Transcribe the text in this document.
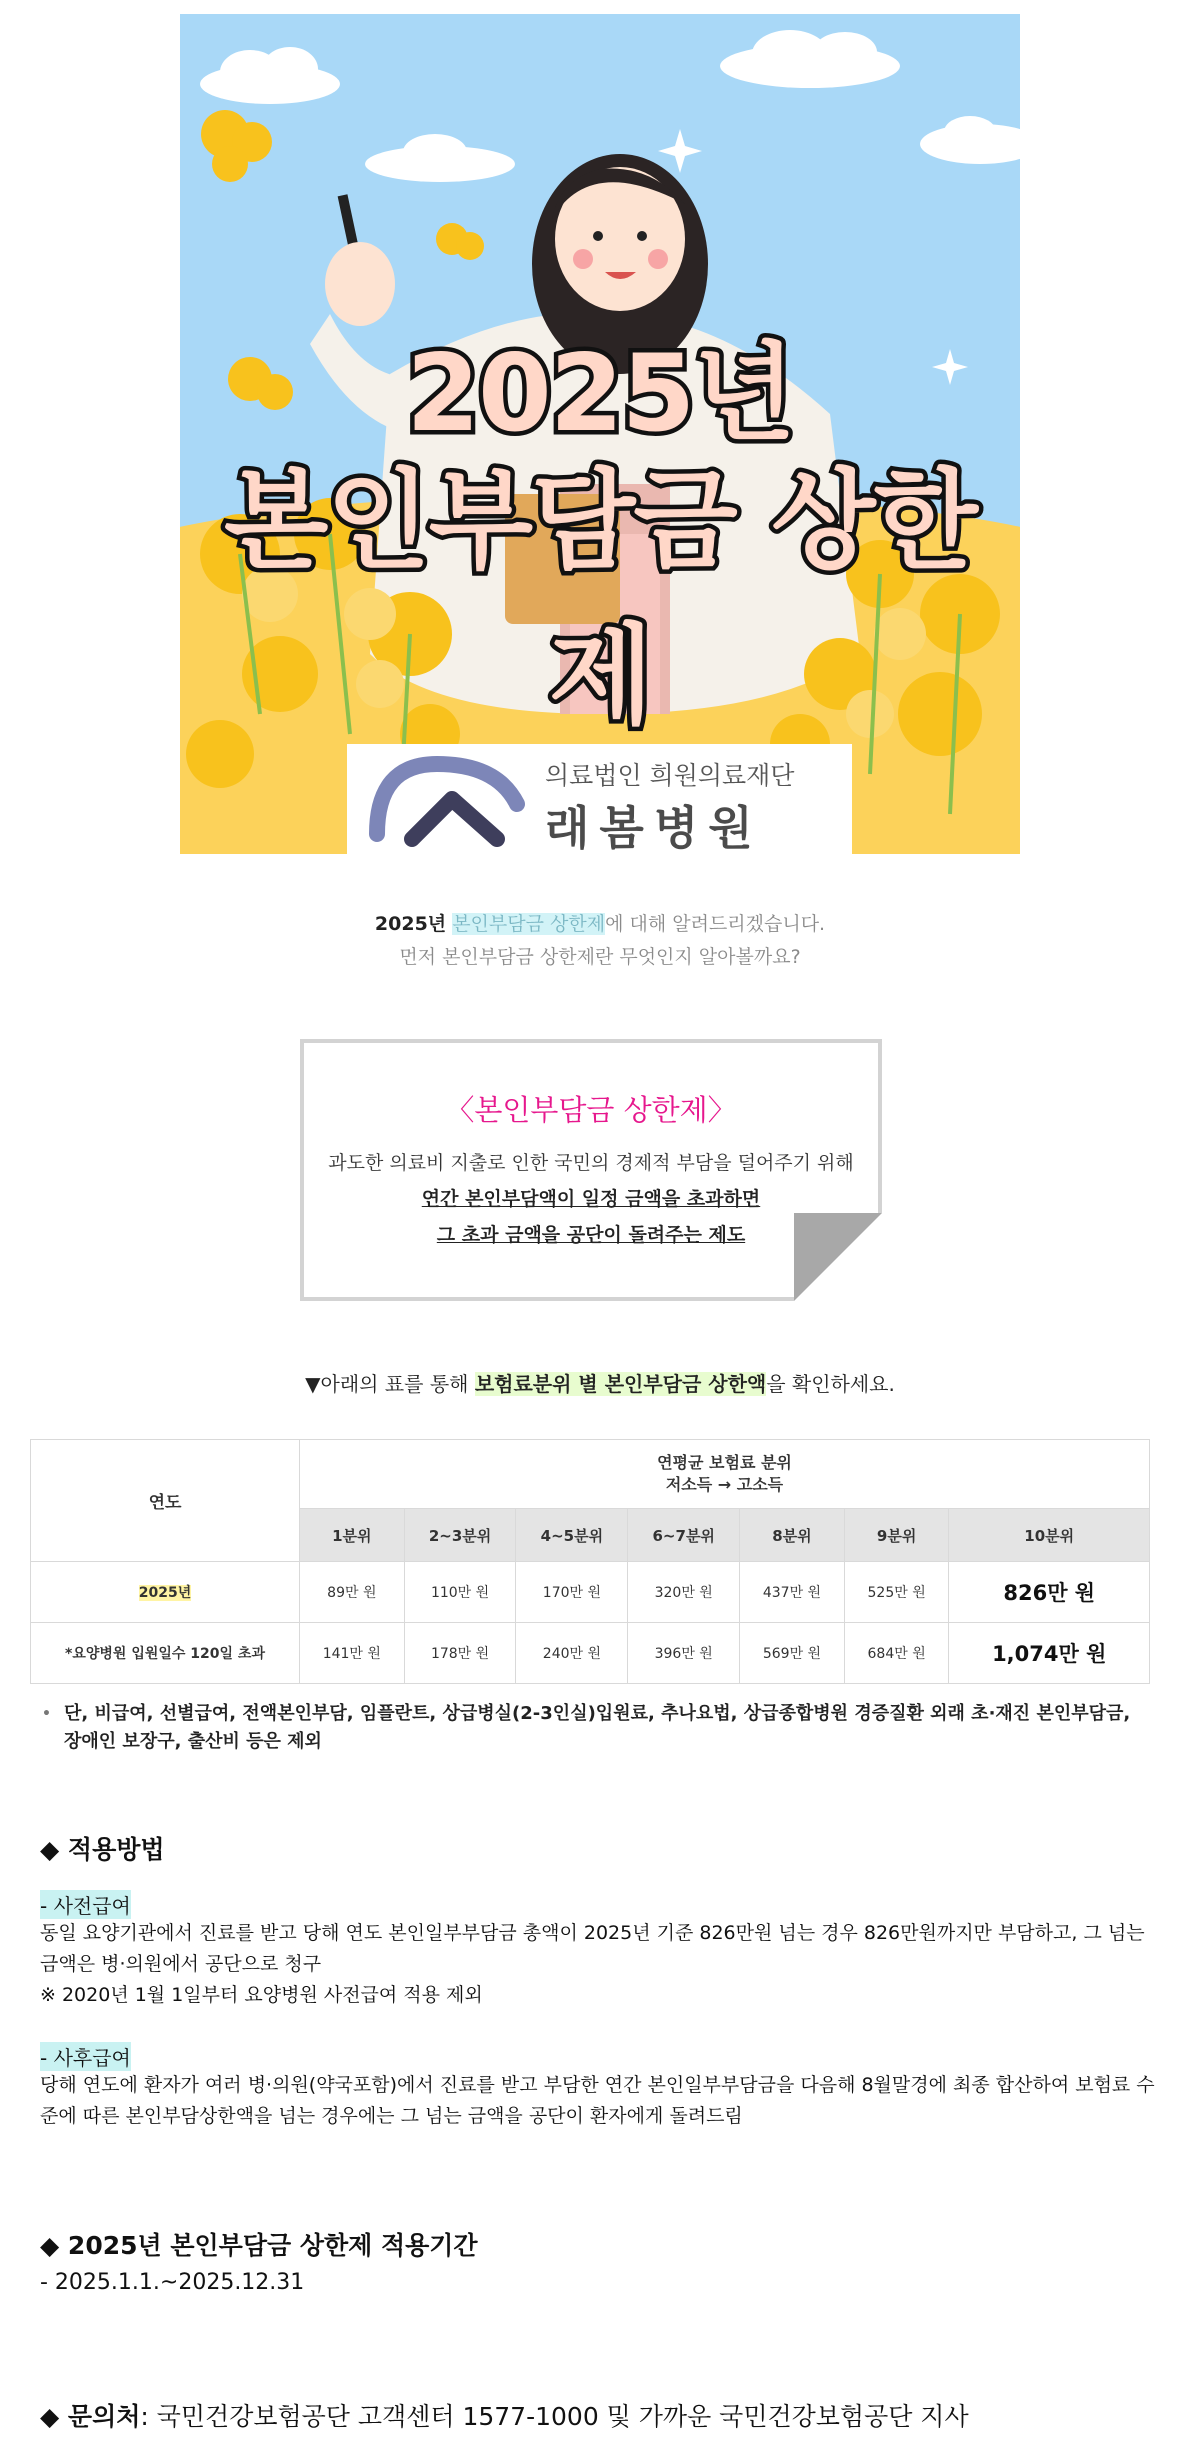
2025년
본인부담금 상한제
의료법인 희원의료재단
래봄병원
2025년 본인부담금 상한제에 대해 알려드리겠습니다.
먼저 본인부담금 상한제란 무엇인지 알아볼까요?
〈본인부담금 상한제〉
과도한 의료비 지출로 인한 국민의 경제적 부담을 덜어주기 위해
연간 본인부담액이 일정 금액을 초과하면
그 초과 금액을 공단이 돌려주는 제도
▼아래의 표를 통해 보험료분위 별 본인부담금 상한액을 확인하세요.
연도	연평균 보험료 분위
저소득 → 고소득						

	1분위	2~3분위	4~5분위	6~7분위	8분위	9분위	10분위
2025년	89만 원	110만 원	170만 원	320만 원	437만 원	525만 원	826만 원
*요양병원 입원일수 120일 초과	141만 원	178만 원	240만 원	396만 원	569만 원	684만 원	1,074만 원

• 단, 비급여, 선별급여, 전액본인부담, 임플란트, 상급병실(2-3인실)입원료, 추나요법, 상급종합병원 경증질환 외래 초·재진 본인부담금, 장애인 보장구, 출산비 등은 제외

◆ 적용방법
- 사전급여
동일 요양기관에서 진료를 받고 당해 연도 본인일부부담금 총액이 2025년 기준 826만원 넘는 경우 826만원까지만 부담하고, 그 넘는 금액은 병·의원에서 공단으로 청구
※ 2020년 1월 1일부터 요양병원 사전급여 적용 제외
- 사후급여
당해 연도에 환자가 여러 병·의원(약국포함)에서 진료를 받고 부담한 연간 본인일부부담금을 다음해 8월말경에 최종 합산하여 보험료 수준에 따른 본인부담상한액을 넘는 경우에는 그 넘는 금액을 공단이 환자에게 돌려드림
◆ 2025년 본인부담금 상한제 적용기간
- 2025.1.1.~2025.12.31
◆ 문의처: 국민건강보험공단 고객센터 1577-1000 및 가까운 국민건강보험공단 지사
